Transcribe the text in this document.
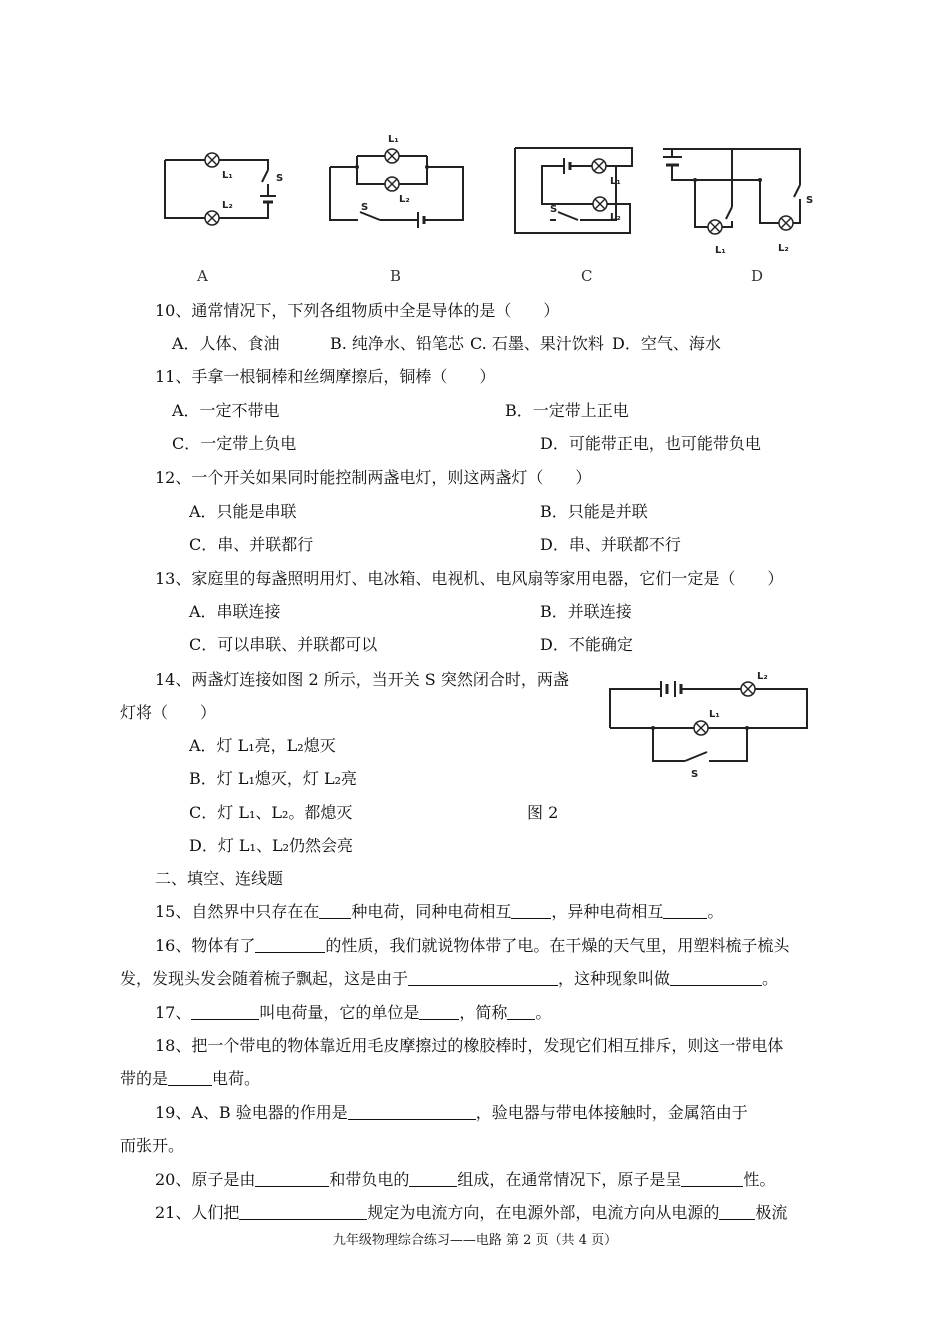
L₁
L₂
S
A
L₁
L₂
S
B
L₁
L₂
S
C
L₁	L₂
S
D
10、通常情况下，下列各组物质中全是导体的是（　　）
A．人体、食油	B. 纯净水、铅笔芯 C. 石墨、果汁饮料 D．空气、海水
11、手拿一根铜棒和丝绸摩擦后，铜棒（　　）
A．一定不带电	B．一定带上正电
C．一定带上负电	D．可能带正电，也可能带负电
12、一个开关如果同时能控制两盏电灯，则这两盏灯（　　）
A．只能是串联	B．只能是并联
C．串、并联都行	D．串、并联都不行
13、家庭里的每盏照明用灯、电冰箱、电视机、电风扇等家用电器，它们一定是（　　）
A．串联连接	B．并联连接
C．可以串联、并联都可以	D．不能确定
14、两盏灯连接如图 2 所示，当开关 S 突然闭合时，两盏
灯将（　　）
A．灯 L₁亮，L₂熄灭
B．灯 L₁熄灭，灯 L₂亮
C．灯 L₁、L₂。都熄灭	图 2
D．灯 L₁、L₂仍然会亮
L₂
L₁
S
二、填空、连线题
15、自然界中只存在在 种电荷，同种电荷相互	，异种电荷相互	。
16、物体有了	的性质，我们就说物体带了电。在干燥的天气里，用塑料梳子梳头
发，发现头发会随着梳子飘起，这是由于	，这种现象叫做	。
17、	叫电荷量，它的单位是	，简称 。
18、把一个带电的物体靠近用毛皮摩擦过的橡胶棒时，发现它们相互排斥，则这一带电体
带的是	电荷。
19、A、B 验电器的作用是	，验电器与带电体接触时，金属箔由于
而张开。
20、原子是由	和带负电的	组成，在通常情况下，原子是呈	性。
21、人们把	规定为电流方向，在电源外部，电流方向从电源的 极流
九年级物理综合练习——电路 第 2 页（共 4 页）
